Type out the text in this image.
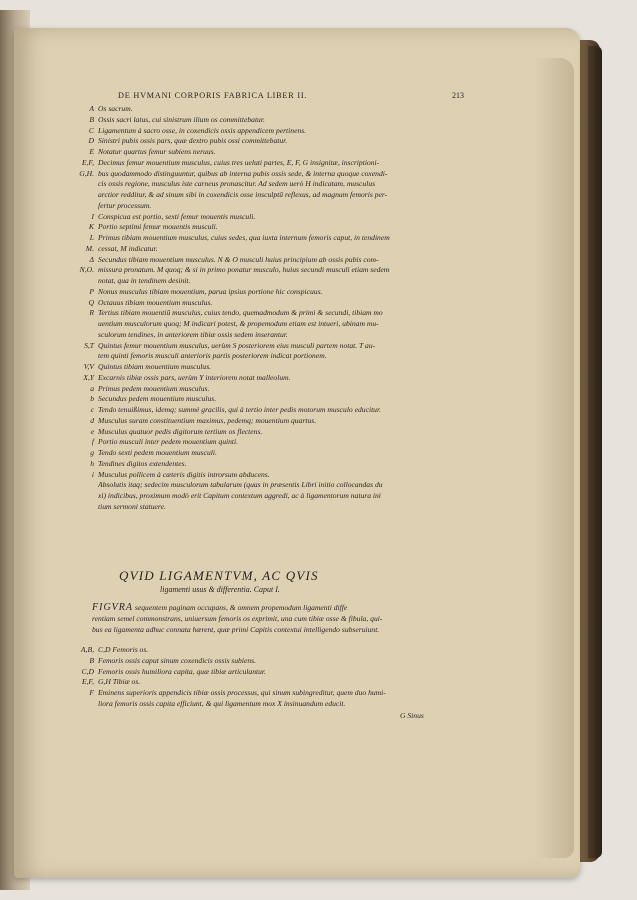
DE HVMANI CORPORIS FABRICA LIBER II.	213
A Os sacrum.
B Ossis sacri latus, cui sinistrum ilium os committebatur.
C Ligamentum à sacro osse, in coxendicis ossis appendicem pertinens.
D Sinistri pubis ossis pars, quæ dextro pubis ossi committebatur.
E Notatur quartus femur subiens neruus.
E,F, Decimus femur mouentium musculus, cuius tres ueluti partes, E, F, G insignitæ, inscriptioni-
G,H. bus quodammodo distinguuntur, quibus ab interna pubis ossis sede, & interna quoque coxendi-
cis ossis regione, musculus iste carneus pronascitur. Ad sedem uerò H indicatam, musculus
arctior redditur, & ad sinum sibi in coxendicis osse insculptũ reflexus, ad magnum femoris per-
fertur processum.
I Conspicua est portio, sexti femur mouentis musculi.
K Portio septimi femur mouentis musculi.
L Primus tibiam mouentium musculus, cuius sedes, qua iuxta internum femoris caput, in tendinem
M. cessat, M indicatur.
Δ Secundus tibiam mouentium musculus. N & O musculi huius principium ab ossis pubis com-
N,O. missura pronatum. M quoq; & si in primo ponatur musculo, huius secundi musculi etiam sedem
notat, qua in tendinem desinit.
P Nonus musculus tibiam mouentium, parua ipsius portione hic conspicuus.
Q Octauus tibiam mouentium musculus.
R Tertius tibiam mouentiũ musculus, cuius tendo, quemadmodum & primi & secundi, tibiam mo
uentium musculorum quoq; M indicari potest, & propemodum etiam est intueri, ubinam mu-
sculorum tendines, in anteriorem tibiæ ossis sedem inserantur.
S,T Quintus femur mouentium musculus, uerùm S posteriorem eius musculi partem notat. T au-
tem quinti femoris musculi anterioris partis posteriorem indicat portionem.
V,V Quintus tibiam mouentium musculus.
X,Y Excarnis tibiæ ossis pars, uerùm Y interiorem notat malleolum.
a Primus pedem mouentium musculus.
b Secundus pedem mouentium musculus.
c Tendo tenuißimus, idemq; summè gracilis, qui à tertio inter pedis motorum musculo educitur.
d Musculus suram constituentium maximus, pedemq; mouentium quartus.
e Musculus quatuor pedis digitorum tertium os flectens.
f Portio musculi inter pedem mouentium quinti.
g Tendo sexti pedem mouentium musculi.
h Tendines digitos extendentes.
i Musculus pollicem à cæteris digitis introrsum abducens.
Absolutis itaq; sedecim musculorum tabularum (quas in præsentis Libri initio collocandas du
xi) indicibus, proximum modò erit Capitum contextum aggredi, ac à ligamentorum natura ini
tium sermoni statuere.
QVID LIGAMENTVM, AC QVIS
ligamenti usus & differentia. Caput I.
FIGVRA sequentem paginam occupans, & omnem propemodum ligamenti diffe
rentiam semel commonstrans, uniuersum femoris os exprimit, una cum tibiæ osse & fibula, qui-
bus ea ligamenta adhuc connata hærent, quæ primi Capitis contextui intelligendo subseruiunt.
A,B, C,D Femoris os.
B Femoris ossis caput sinum coxendicis ossis subiens.
C,D Femoris ossis humiliora capita, quæ tibiæ articulantur.
E,F, G,H Tibiæ os.
F Eminens superioris appendicis tibiæ ossis processus, qui sinum subingreditur, quem duo humi-
liora femoris ossis capita efficiunt, & qui ligamentum mox X insinuandum educit.
G Sinus
